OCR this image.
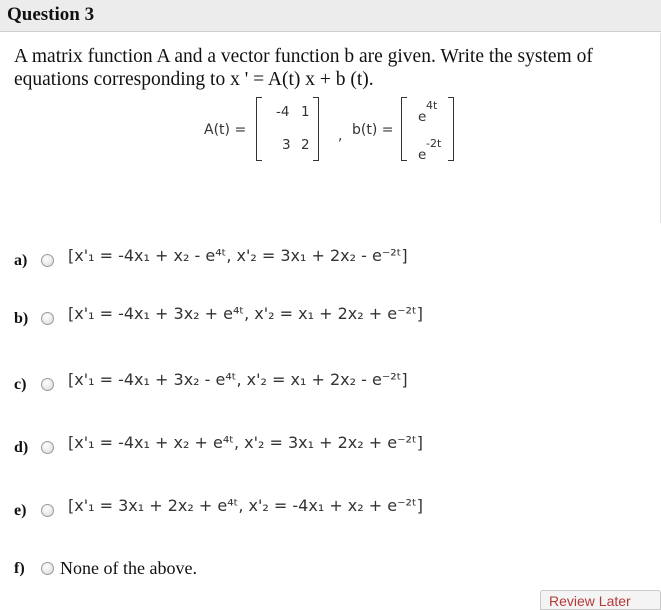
Question 3
A matrix function A and a vector function b are given. Write the system of
equations corresponding to x ' = A(t) x + b (t).
A(t) =
-4 1
3 2
, b(t) =
e
4t
e
-2t
a)	[x'₁ = -4x₁ + x₂ - e⁴ᵗ, x'₂ = 3x₁ + 2x₂ - e⁻²ᵗ]
b) [x'₁ = -4x₁ + 3x₂ + e⁴ᵗ, x'₂ = x₁ + 2x₂ + e⁻²ᵗ]
c)	[x'₁ = -4x₁ + 3x₂ - e⁴ᵗ, x'₂ = x₁ + 2x₂ - e⁻²ᵗ]
d) [x'₁ = -4x₁ + x₂ + e⁴ᵗ, x'₂ = 3x₁ + 2x₂ + e⁻²ᵗ]
e)	[x'₁ = 3x₁ + 2x₂ + e⁴ᵗ, x'₂ = -4x₁ + x₂ + e⁻²ᵗ]
f) None of the above.
Review Later
